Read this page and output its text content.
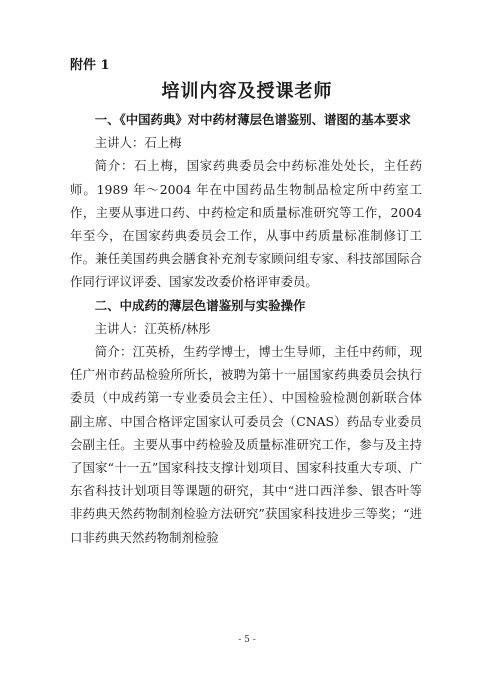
附件 1
培训内容及授课老师

一、《中国药典》对中药材薄层色谱鉴别、谱图的基本要求

主讲人：石上梅

简介：石上梅，国家药典委员会中药标准处处长，主任药师。1989 年～2004 年在中国药品生物制品检定所中药室工作，主要从事进口药、中药检定和质量标准研究等工作，2004 年至今，在国家药典委员会工作，从事中药质量标准制修订工作。兼任美国药典会膳食补充剂专家顾问组专家、科技部国际合作同行评议评委、国家发改委价格评审委员。

二、中成药的薄层色谱鉴别与实验操作

主讲人：江英桥/林彤

简介：江英桥，生药学博士，博士生导师，主任中药师，现任广州市药品检验所所长，被聘为第十一届国家药典委员会执行委员（中成药第一专业委员会主任）、中国检验检测创新联合体副主席、中国合格评定国家认可委员会（CNAS）药品专业委员会副主任。主要从事中药检验及质量标准研究工作，参与及主持了国家“十一五”国家科技支撑计划项目、国家科技重大专项、广东省科技计划项目等课题的研究，其中“进口西洋参、银杏叶等非药典天然药物制剂检验方法研究”获国家科技进步三等奖；“进口非药典天然药物制剂检验

- 5 -
